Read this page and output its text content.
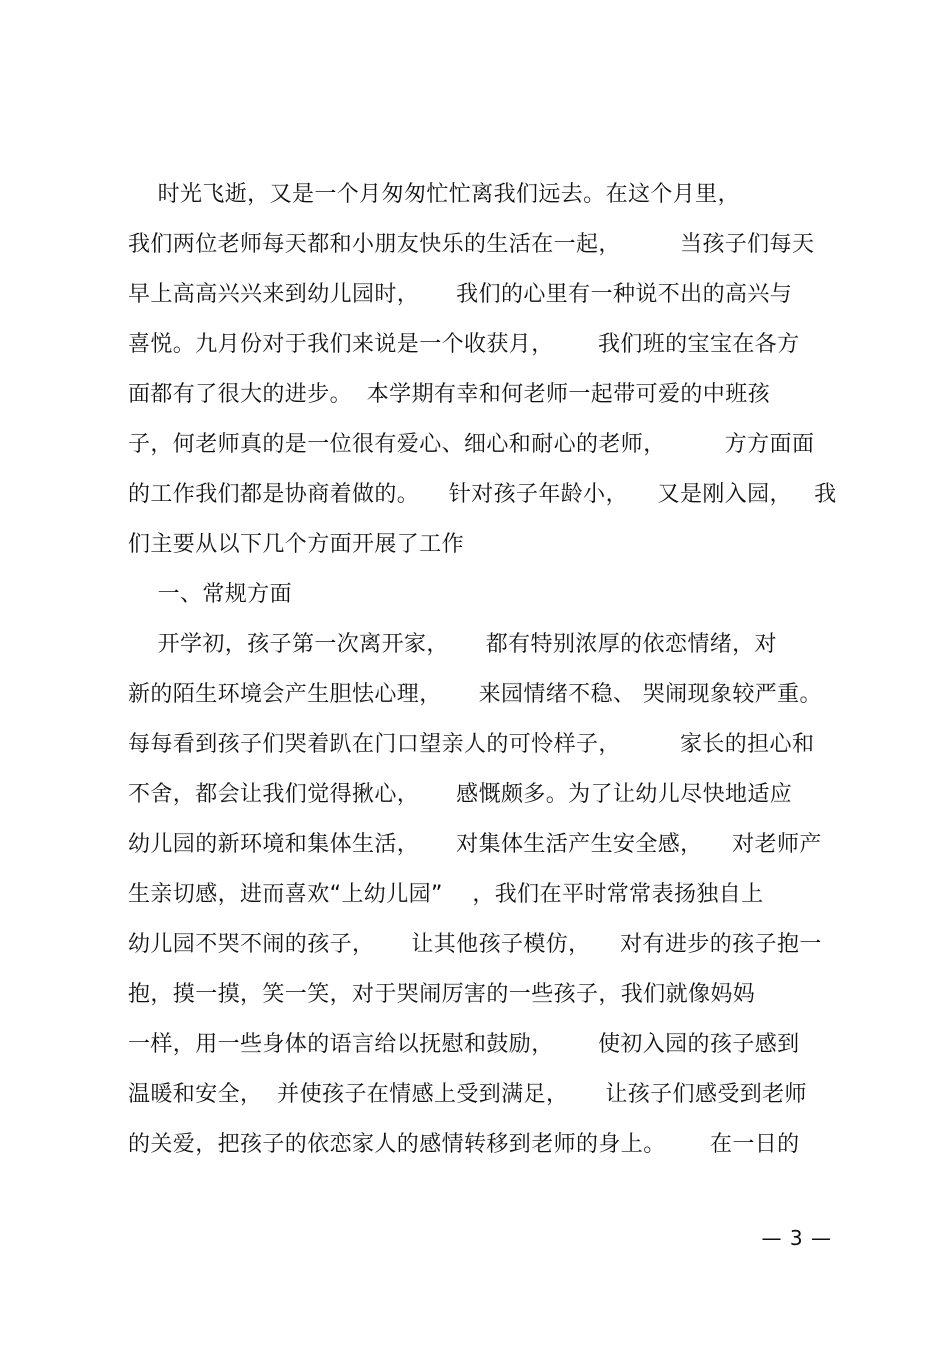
时光飞逝，又是一个月匆匆忙忙离我们远去。在这个月里，
我们两位老师每天都和小朋友快乐的生活在一起，        当孩子们每天
早上高高兴兴来到幼儿园时，     我们的心里有一种说不出的高兴与
喜悦。九月份对于我们来说是一个收获月，      我们班的宝宝在各方
面都有了很大的进步。  本学期有幸和何老师一起带可爱的中班孩
子，何老师真的是一位很有爱心、细心和耐心的老师，        方方面面
的工作我们都是协商着做的。    针对孩子年龄小，    又是刚入园，   我
们主要从以下几个方面开展了工作
一、常规方面
开学初，孩子第一次离开家，     都有特别浓厚的依恋情绪，对
新的陌生环境会产生胆怯心理，     来园情绪不稳、 哭闹现象较严重。
每每看到孩子们哭着趴在门口望亲人的可怜样子，        家长的担心和
不舍，都会让我们觉得揪心，     感慨颇多。为了让幼儿尽快地适应
幼儿园的新环境和集体生活，     对集体生活产生安全感，    对老师产
生亲切感，进而喜欢“上幼儿园”    ，我们在平时常常表扬独自上
幼儿园不哭不闹的孩子，     让其他孩子模仿，    对有进步的孩子抱一
抱，摸一摸，笑一笑，对于哭闹厉害的一些孩子，我们就像妈妈
一样，用一些身体的语言给以抚慰和鼓励，      使初入园的孩子感到
温暖和安全，  并使孩子在情感上受到满足，     让孩子们感受到老师
的关爱，把孩子的依恋家人的感情转移到老师的身上。      在一日的
— 3 —
